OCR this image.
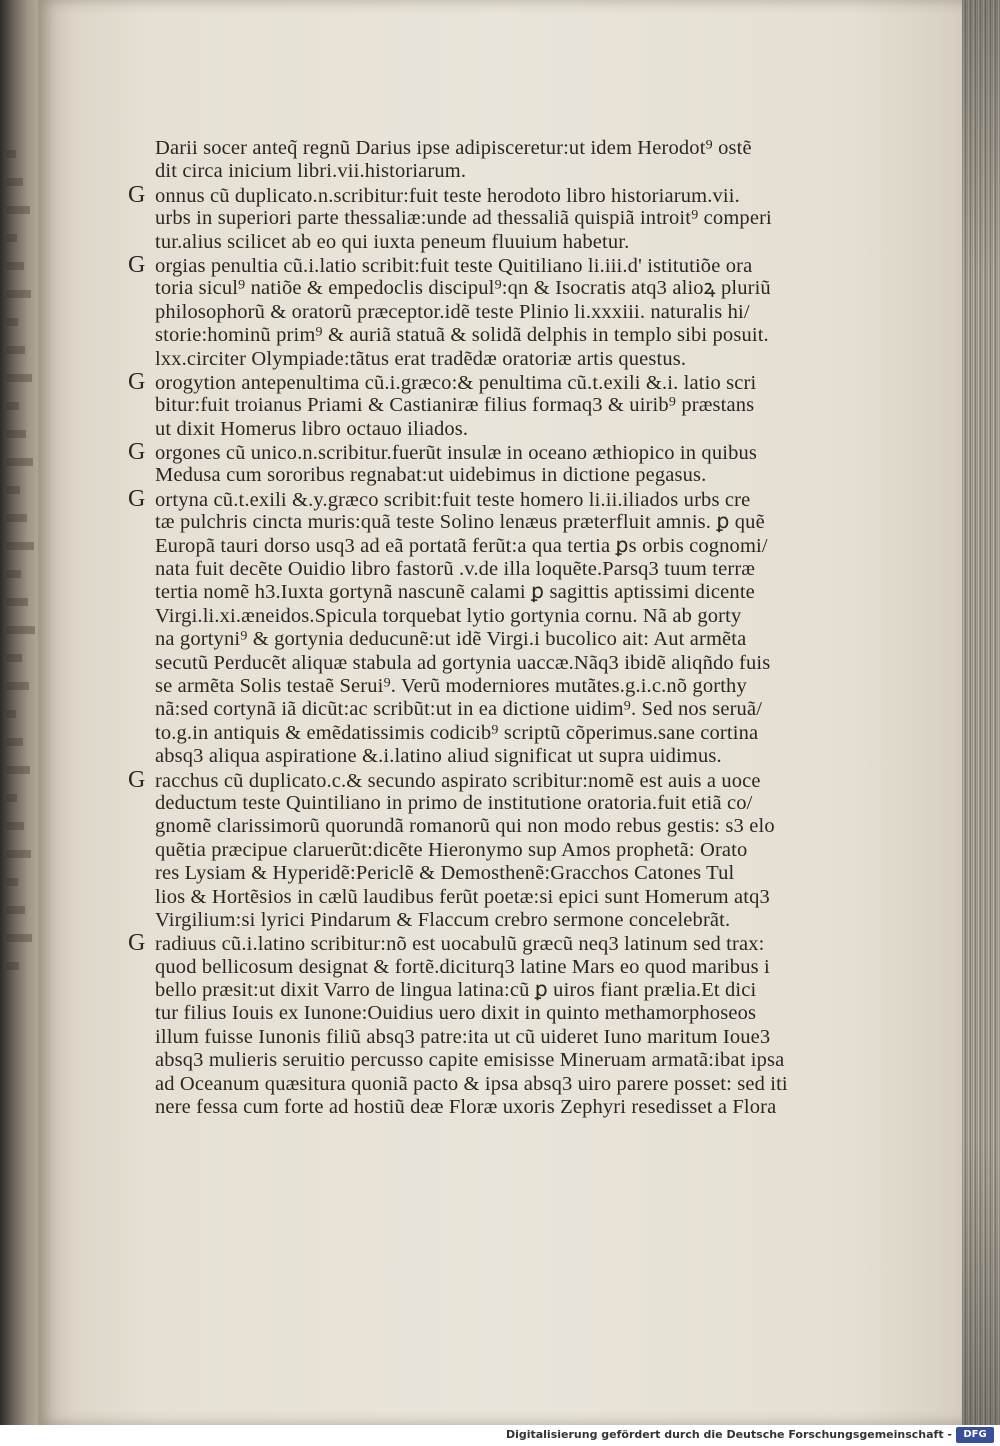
Darii socer anteq̃ regnũ Darius ipse adipisceretur:ut idem Herodot⁹ ostẽ
dit circa inicium libri.vii.historiarum.
G onnus cũ duplicato.n.scribitur:fuit teste herodoto libro historiarum.vii.
urbs in superiori parte thessaliæ:unde ad thessaliã quispiã introit⁹ comperi
tur.alius scilicet ab eo qui iuxta peneum fluuium habetur.
G orgias penultia cũ.i.latio scribit:fuit teste Quitiliano li.iii.d' istitutiõe ora
toria sicul⁹ natiõe & empedoclis discipul⁹:qn & Isocratis atq3 alioꝝ pluriũ
philosophorũ & oratorũ præceptor.idẽ teste Plinio li.xxxiii. naturalis hi/
storie:hominũ prim⁹ & auriã statuã & solidã delphis in templo sibi posuit.
lxx.circiter Olympiade:tãtus erat tradẽdæ oratoriæ artis questus.
G orogytion antepenultima cũ.i.græco:& penultima cũ.t.exili &.i. latio scri
bitur:fuit troianus Priami & Castianiræ filius formaq3 & uirib⁹ præstans
ut dixit Homerus libro octauo iliados.
G orgones cũ unico.n.scribitur.fuerũt insulæ in oceano æthiopico in quibus
Medusa cum sororibus regnabat:ut uidebimus in dictione pegasus.
G ortyna cũ.t.exili &.y.græco scribit:fuit teste homero li.ii.iliados urbs cre
tæ pulchris cincta muris:quã teste Solino lenæus præterfluit amnis. ꝑ quẽ
Europã tauri dorso usq3 ad eã portatã ferũt:a qua tertia ꝑs orbis cognomi/
nata fuit decẽte Ouidio libro fastorũ .v.de illa loquẽte.Parsq3 tuum terræ
tertia nomẽ h3.Iuxta gortynã nascunẽ calami ꝑ sagittis aptissimi dicente
Virgi.li.xi.æneidos.Spicula torquebat lytio gortynia cornu. Nã ab gorty
na gortyni⁹ & gortynia deducunẽ:ut idẽ Virgi.i bucolico ait: Aut armẽta
secutũ Perducẽt aliquæ stabula ad gortynia uaccæ.Nãq3 ibidẽ aliqñdo fuis
se armẽta Solis testaẽ Serui⁹. Verũ moderniores mutãtes.g.i.c.nõ gorthy
nã:sed cortynã iã dicũt:ac scribũt:ut in ea dictione uidim⁹. Sed nos seruã/
to.g.in antiquis & emẽdatissimis codicib⁹ scriptũ cõperimus.sane cortina
absq3 aliqua aspiratione &.i.latino aliud significat ut supra uidimus.
G racchus cũ duplicato.c.& secundo aspirato scribitur:nomẽ est auis a uoce
deductum teste Quintiliano in primo de institutione oratoria.fuit etiã co/
gnomẽ clarissimorũ quorundã romanorũ qui non modo rebus gestis: s3 elo
quẽtia præcipue claruerũt:dicẽte Hieronymo sup Amos prophetã: Orato
res Lysiam & Hyperidẽ:Periclẽ & Demosthenẽ:Gracchos Catones Tul
lios & Hortẽsios in cælũ laudibus ferũt poetæ:si epici sunt Homerum atq3
Virgilium:si lyrici Pindarum & Flaccum crebro sermone concelebrãt.
G radiuus cũ.i.latino scribitur:nõ est uocabulũ græcũ neq3 latinum sed trax:
quod bellicosum designat & fortẽ.diciturq3 latine Mars eo quod maribus i
bello præsit:ut dixit Varro de lingua latina:cũ ꝑ uiros fiant prælia.Et dici
tur filius Iouis ex Iunone:Ouidius uero dixit in quinto methamorphoseos
illum fuisse Iunonis filiũ absq3 patre:ita ut cũ uideret Iuno maritum Ioue3
absq3 mulieris seruitio percusso capite emisisse Mineruam armatã:ibat ipsa
ad Oceanum quæsitura quoniã pacto & ipsa absq3 uiro parere posset: sed iti
nere fessa cum forte ad hostiũ deæ Floræ uxoris Zephyri resedisset a Flora
Digitalisierung gefördert durch die Deutsche Forschungsgemeinschaft -	DFG
